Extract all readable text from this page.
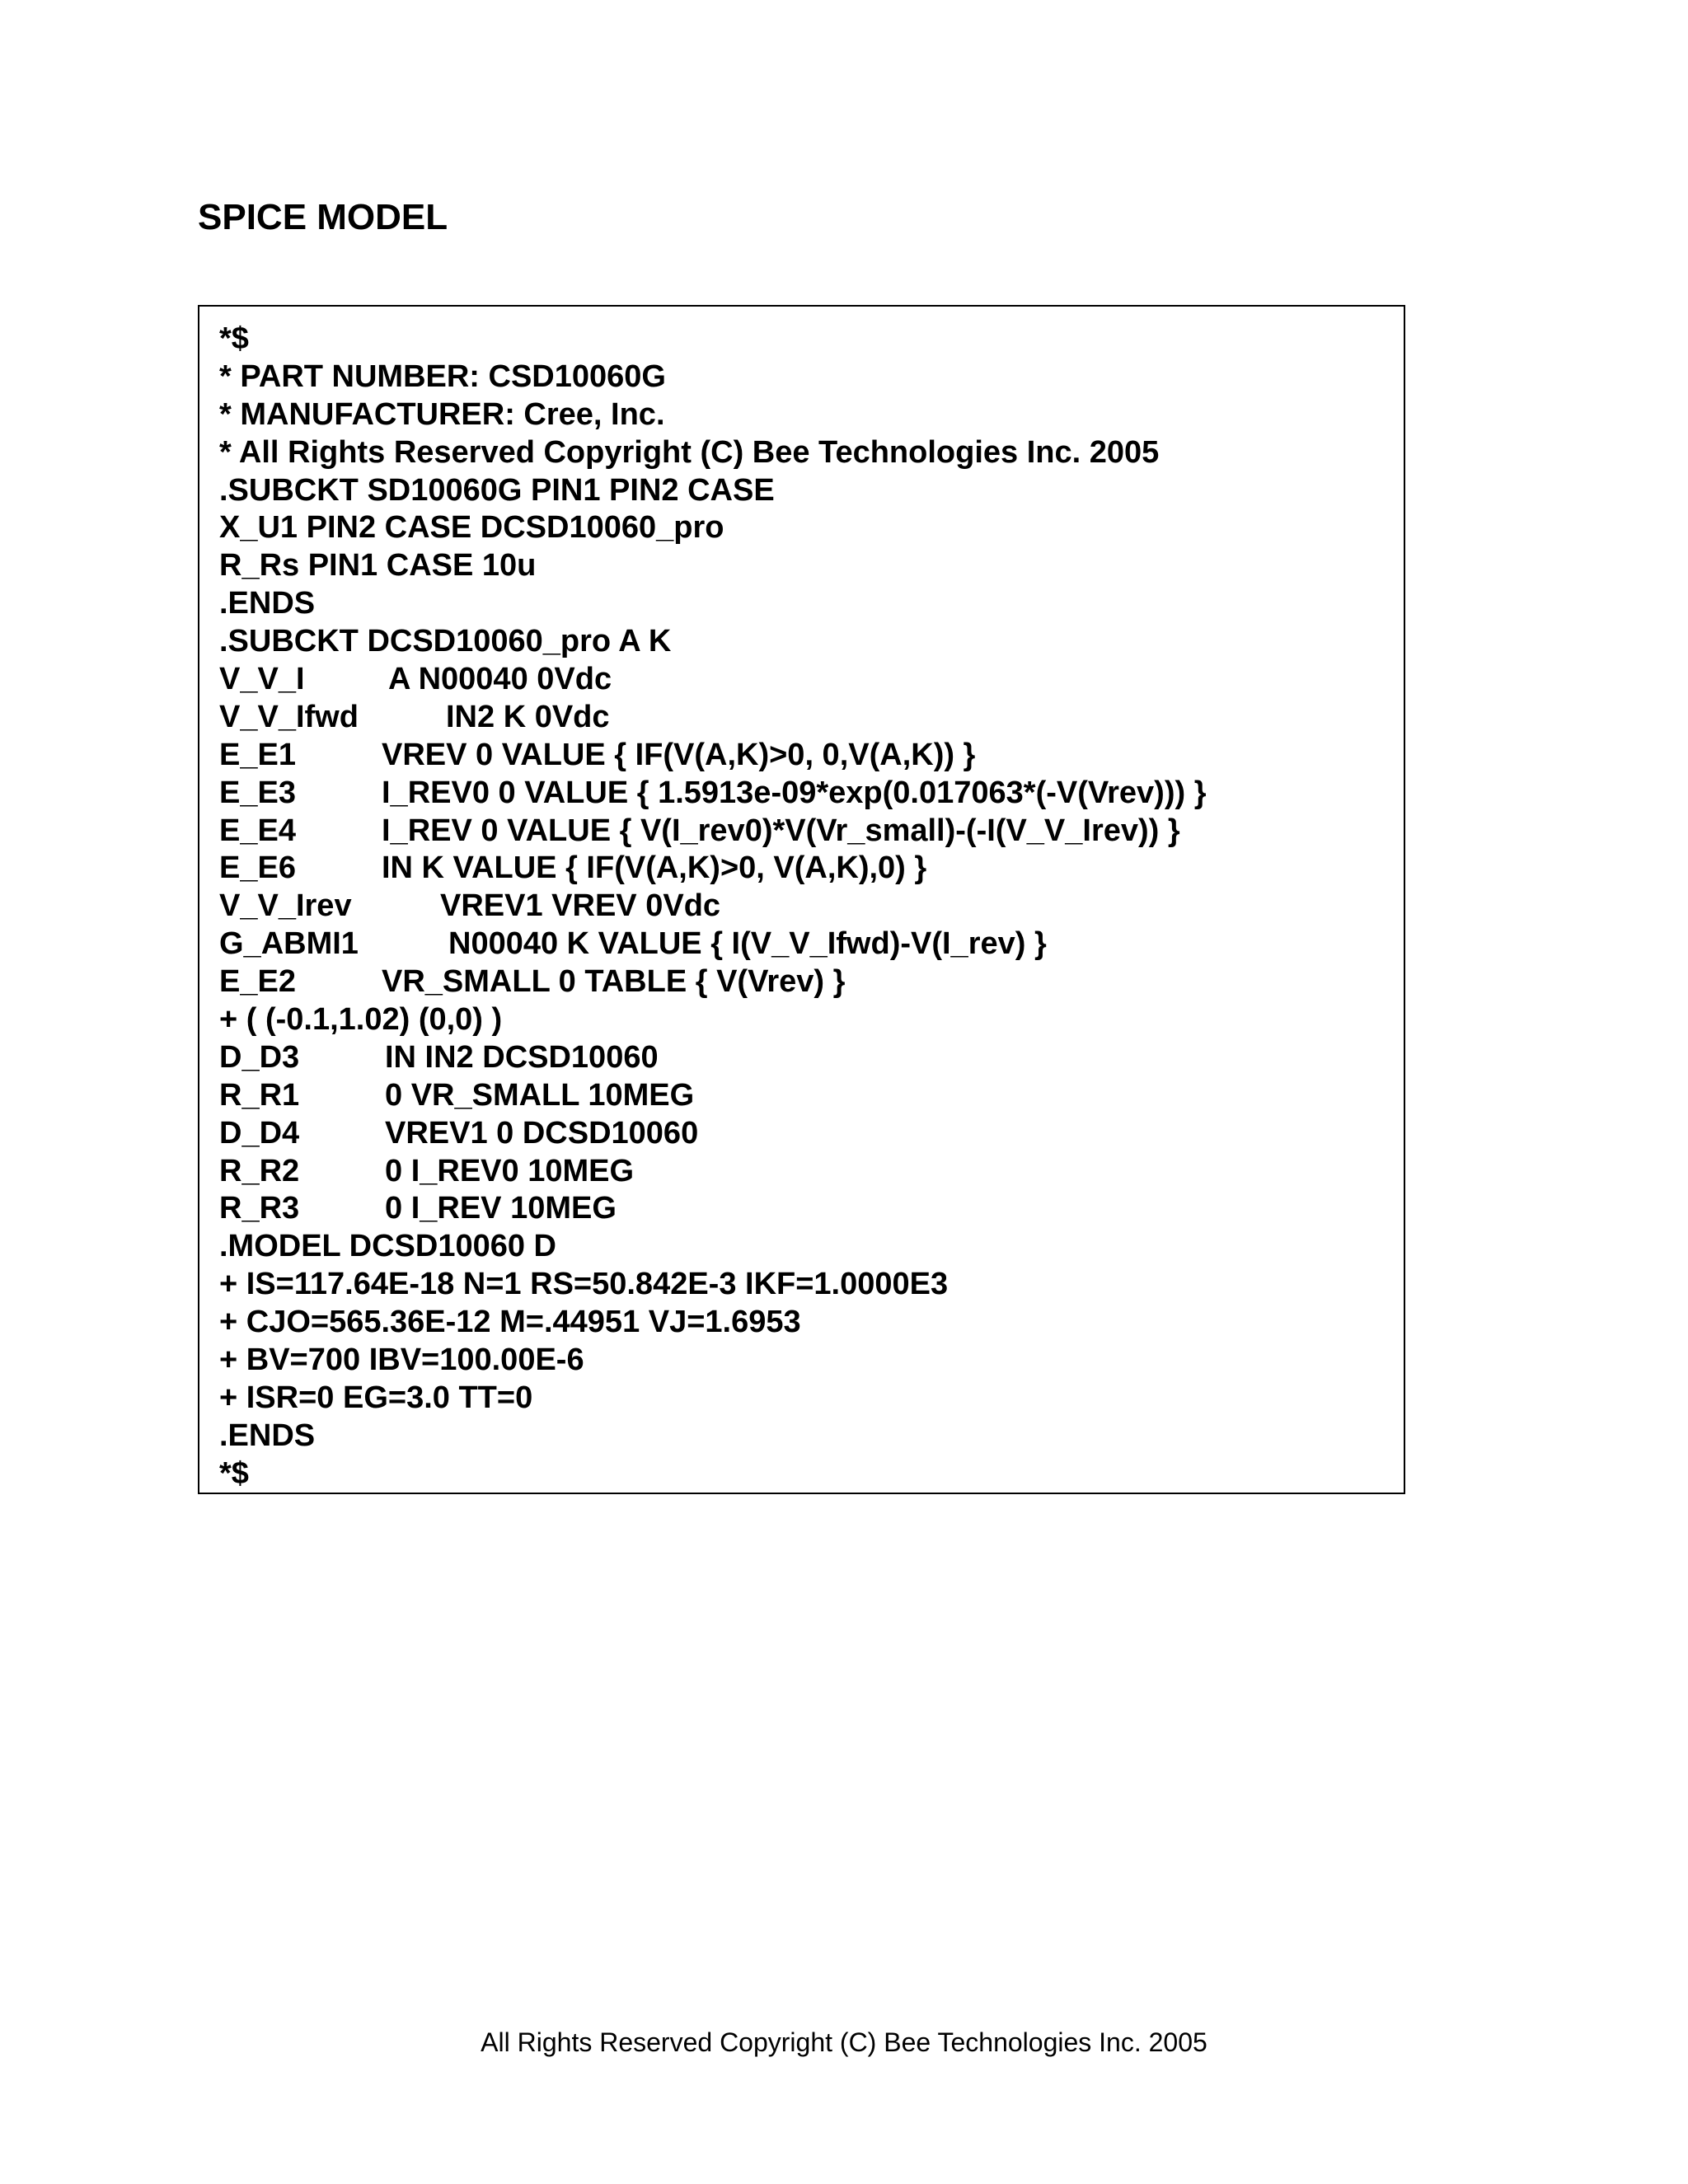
SPICE MODEL
*$
* PART NUMBER: CSD10060G
* MANUFACTURER: Cree, Inc.
* All Rights Reserved Copyright (C) Bee Technologies Inc. 2005
.SUBCKT SD10060G PIN1 PIN2 CASE
X_U1 PIN2 CASE DCSD10060_pro
R_Rs PIN1 CASE 10u
.ENDS
.SUBCKT DCSD10060_pro A K
V_V_I	A N00040 0Vdc
V_V_Ifwd	IN2 K 0Vdc
E_E1	VREV 0 VALUE { IF(V(A,K)>0, 0,V(A,K)) }
E_E3	I_REV0 0 VALUE { 1.5913e-09*exp(0.017063*(-V(Vrev))) }
E_E4	I_REV 0 VALUE { V(I_rev0)*V(Vr_small)-(-I(V_V_Irev)) }
E_E6	IN K VALUE { IF(V(A,K)>0, V(A,K),0) }
V_V_Irev	VREV1 VREV 0Vdc
G_ABMI1	N00040 K VALUE { I(V_V_Ifwd)-V(I_rev) }
E_E2	VR_SMALL 0 TABLE { V(Vrev) }
+ ( (-0.1,1.02) (0,0) )
D_D3	IN IN2 DCSD10060
R_R1	0 VR_SMALL 10MEG
D_D4	VREV1 0 DCSD10060
R_R2	0 I_REV0 10MEG
R_R3	0 I_REV 10MEG
.MODEL DCSD10060 D
+ IS=117.64E-18 N=1 RS=50.842E-3 IKF=1.0000E3
+ CJO=565.36E-12 M=.44951 VJ=1.6953
+ BV=700 IBV=100.00E-6
+ ISR=0 EG=3.0 TT=0
.ENDS
*$
All Rights Reserved Copyright (C) Bee Technologies Inc. 2005
